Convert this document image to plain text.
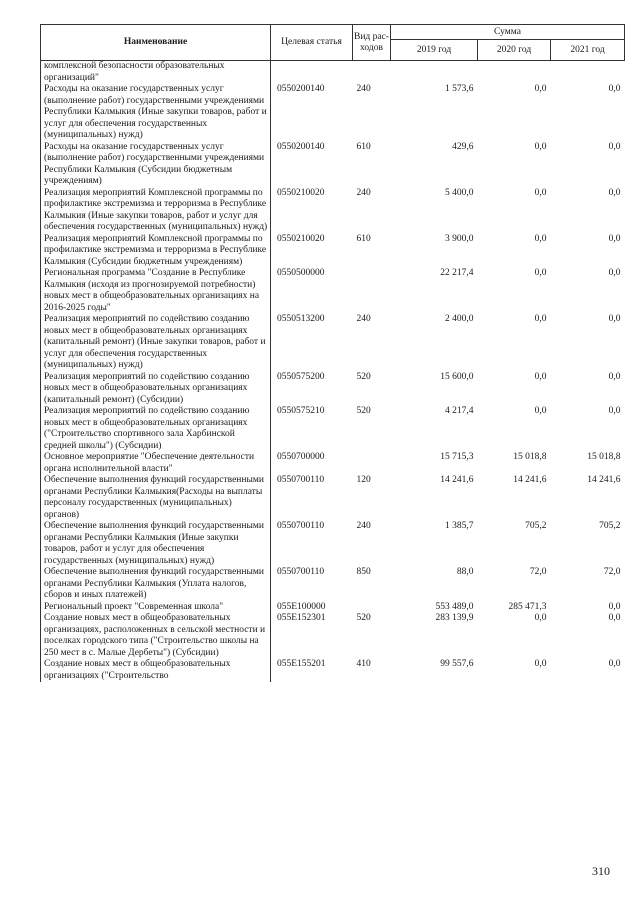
Наименование	Целевая статья	Вид рас-ходов	Сумма		
			2019 год	2020 год	2021 год
комплексной безопасности образовательных организаций"					
Расходы на оказание государственных услуг (выполнение работ) государственными учреждениями Республики Калмыкия (Иные закупки товаров, работ и услуг для обеспечения государственных (муниципальных) нужд)	0550200140	240	1 573,6	0,0	0,0
Расходы на оказание государственных услуг (выполнение работ) государственными учреждениями Республики Калмыкия (Субсидии бюджетным учреждениям)	0550200140	610	429,6	0,0	0,0
Реализация мероприятий Комплексной программы по профилактике экстремизма и терроризма в Республике Калмыкия (Иные закупки товаров, работ и услуг для обеспечения государственных (муниципальных) нужд)	0550210020	240	5 400,0	0,0	0,0
Реализация мероприятий Комплексной программы по профилактике экстремизма и терроризма в Республике Калмыкия (Субсидии бюджетным учреждениям)	0550210020	610	3 900,0	0,0	0,0
Региональная программа "Создание в Республике Калмыкия (исходя из прогнозируемой потребности) новых мест в общеобразовательных организациях на 2016-2025 годы"	0550500000		22 217,4	0,0	0,0
Реализация мероприятий по содействию созданию новых мест в общеобразовательных организациях (капитальный ремонт) (Иные закупки товаров, работ и услуг для обеспечения государственных (муниципальных) нужд)	0550513200	240	2 400,0	0,0	0,0
Реализация мероприятий по содействию созданию новых мест в общеобразовательных организациях (капитальный ремонт) (Субсидии)	0550575200	520	15 600,0	0,0	0,0
Реализация мероприятий по содействию созданию новых мест в общеобразовательных организациях ("Строительство спортивного зала Харбинской средней школы") (Субсидии)	0550575210	520	4 217,4	0,0	0,0
Основное мероприятие "Обеспечение деятельности органа исполнительной власти"	0550700000		15 715,3	15 018,8	15 018,8
Обеспечение выполнения функций государственными органами Республики Калмыкия(Расходы на выплаты персоналу государственных (муниципальных) органов)	0550700110	120	14 241,6	14 241,6	14 241,6
Обеспечение выполнения функций государственными органами Республики Калмыкия (Иные закупки товаров, работ и услуг для обеспечения государственных (муниципальных) нужд)	0550700110	240	1 385,7	705,2	705,2
Обеспечение выполнения функций государственными органами Республики Калмыкия (Уплата налогов, сборов и иных платежей)	0550700110	850	88,0	72,0	72,0
Региональный проект "Современная школа"	055E100000		553 489,0	285 471,3	0,0
Создание новых мест в общеобразовательных организациях, расположенных в сельской местности и поселках городского типа ("Строительство школы на 250 мест в с. Малые Дербеты") (Субсидии)	055E152301	520	283 139,9	0,0	0,0
Создание новых мест в общеобразовательных организациях ("Строительство	055E155201	410	99 557,6	0,0	0,0
310
